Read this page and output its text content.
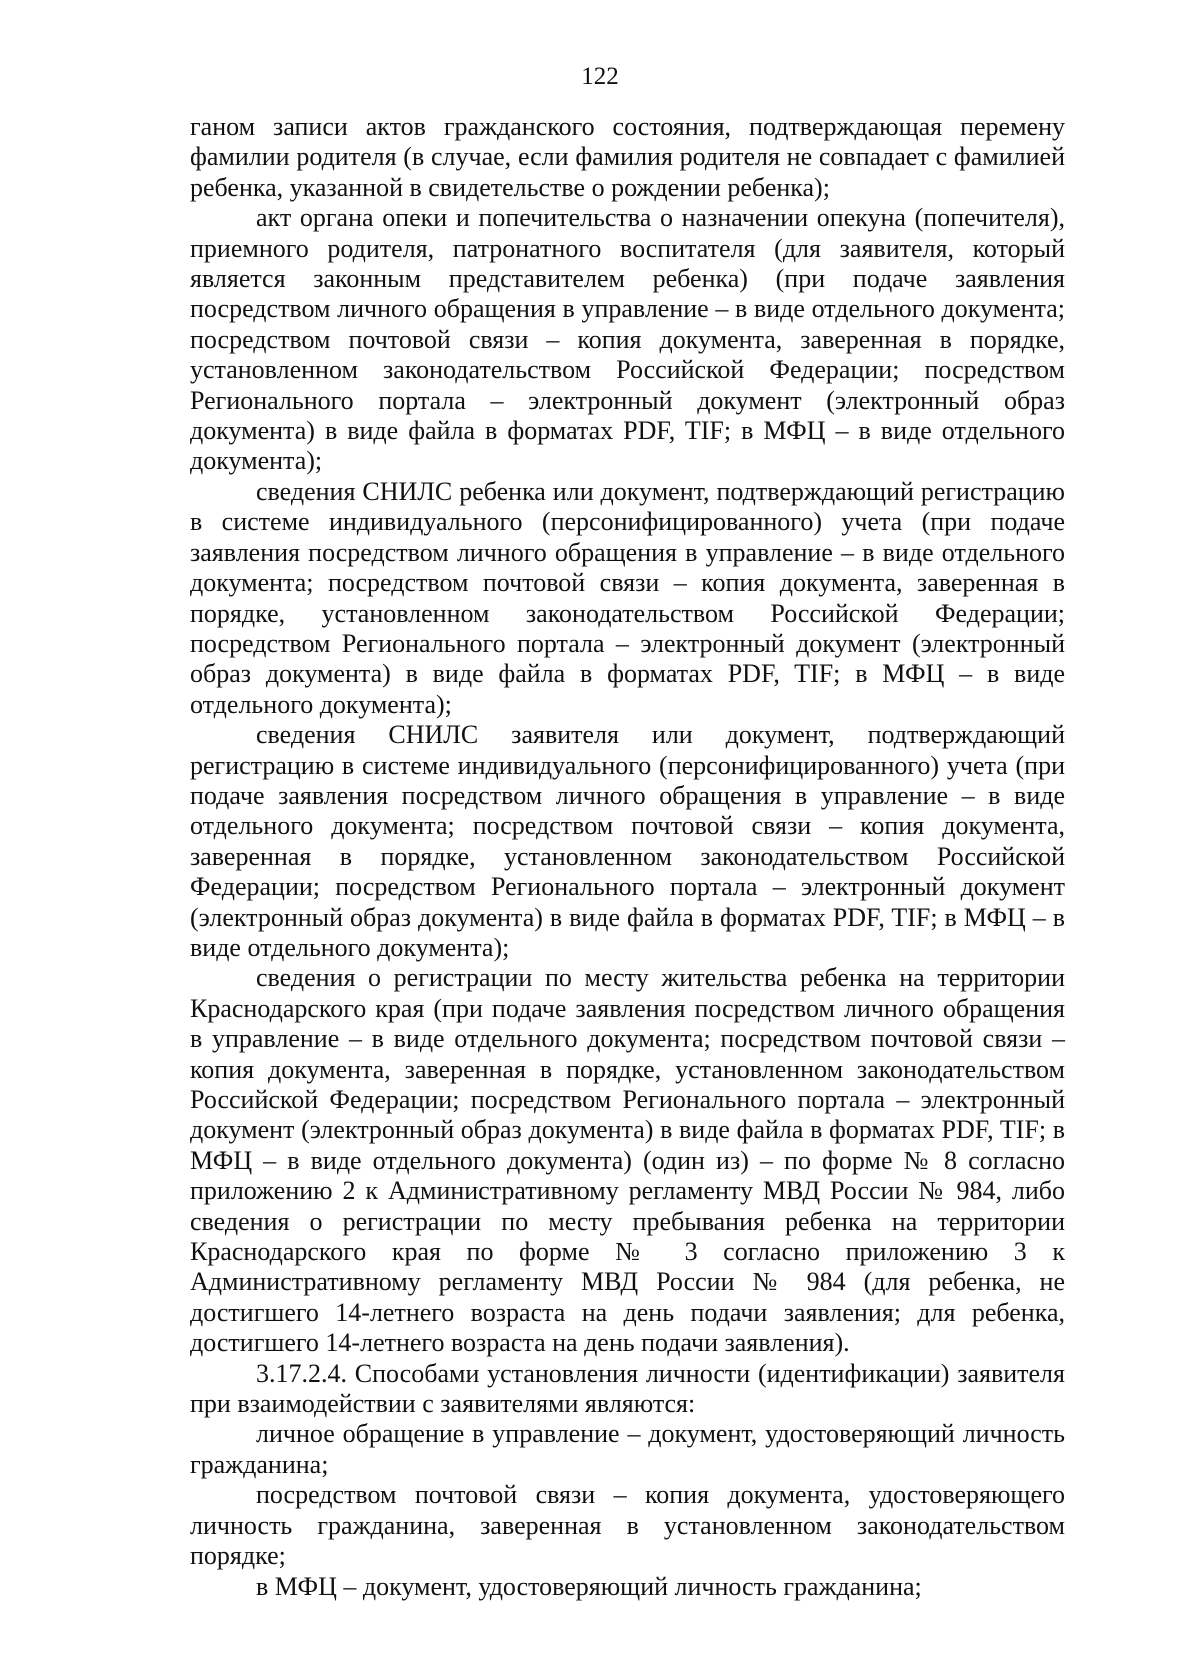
122

ганом записи актов гражданского состояния, подтверждающая перемену фамилии родителя (в случае, если фамилия родителя не совпадает с фамилией ребенка, указанной в свидетельстве о рождении ребенка);

акт органа опеки и попечительства о назначении опекуна (попечителя), приемного родителя, патронатного воспитателя (для заявителя, который является законным представителем ребенка) (при подаче заявления посредством личного обращения в управление – в виде отдельного документа; посредством почтовой связи – копия документа, заверенная в порядке, установленном законодательством Российской Федерации; посредством Регионального портала – электронный документ (электронный образ документа) в виде файла в форматах PDF, TIF; в МФЦ – в виде отдельного документа);

сведения СНИЛС ребенка или документ, подтверждающий регистрацию в системе индивидуального (персонифицированного) учета (при подаче заявления посредством личного обращения в управление – в виде отдельного документа; посредством почтовой связи – копия документа, заверенная в порядке, установленном законодательством Российской Федерации; посредством Регионального портала – электронный документ (электронный образ документа) в виде файла в форматах PDF, TIF; в МФЦ – в виде отдельного документа);

сведения СНИЛС заявителя или документ, подтверждающий регистрацию в системе индивидуального (персонифицированного) учета (при подаче заявления посредством личного обращения в управление – в виде отдельного документа; посредством почтовой связи – копия документа, заверенная в порядке, установленном законодательством Российской Федерации; посредством Регионального портала – электронный документ (электронный образ документа) в виде файла в форматах PDF, TIF; в МФЦ – в виде отдельного документа);

сведения о регистрации по месту жительства ребенка на территории Краснодарского края (при подаче заявления посредством личного обращения в управление – в виде отдельного документа; посредством почтовой связи – копия документа, заверенная в порядке, установленном законодательством Российской Федерации; посредством Регионального портала – электронный документ (электронный образ документа) в виде файла в форматах PDF, TIF; в МФЦ – в виде отдельного документа) (один из) – по форме № 8 согласно приложению 2 к Административному регламенту МВД России № 984, либо сведения о регистрации по месту пребывания ребенка на территории Краснодарского края по форме № 3 согласно приложению 3 к Административному регламенту МВД России № 984 (для ребенка, не достигшего 14-летнего возраста на день подачи заявления; для ребенка, достигшего 14-летнего возраста на день подачи заявления).

3.17.2.4. Способами установления личности (идентификации) заявителя при взаимодействии с заявителями являются:

личное обращение в управление – документ, удостоверяющий личность гражданина;

посредством почтовой связи – копия документа, удостоверяющего личность гражданина, заверенная в установленном законодательством порядке;

в МФЦ – документ, удостоверяющий личность гражданина;
